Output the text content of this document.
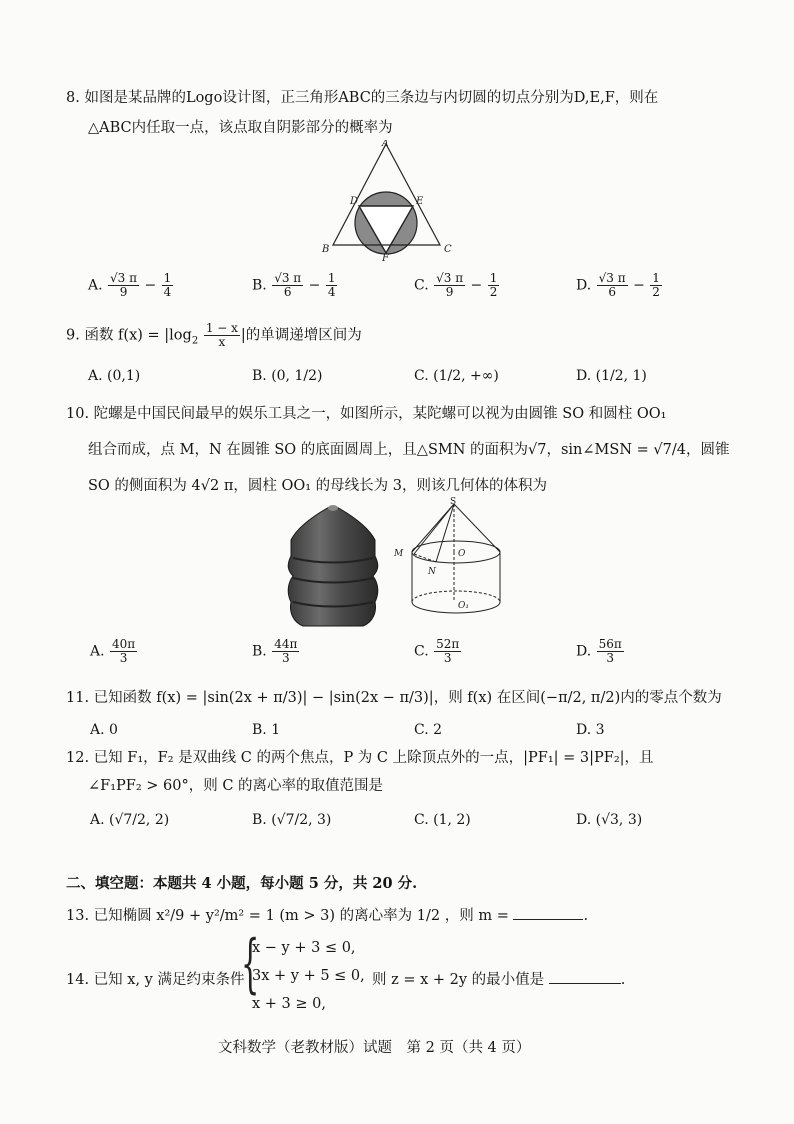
8. 如图是某品牌的Logo设计图，正三角形ABC的三条边与内切圆的切点分别为D,E,F，则在
△ABC内任取一点，该点取自阴影部分的概率为
A
B	C
D	E
F
A. $\frac{√3 \pi}{9} - \frac{1}{4}$	B. $\frac{√3 \pi}{6} - \frac{1}{4}$	C. $\frac{√3 \pi}{9} - \frac{1}{2}$	D. $\frac{√3 \pi}{6} - \frac{1}{2}$
9. 函数 $f(x) = |\log_2 \frac{1 - x}{x}$ |的单调递增区间为
A. (0,1)	B. (0, 1/2)	C. (1/2, +∞)	D. (1/2, 1)
10. 陀螺是中国民间最早的娱乐工具之一，如图所示，某陀螺可以视为由圆锥 SO 和圆柱 OO₁
组合而成，点 M，N 在圆锥 SO 的底面圆周上，且△SMN 的面积为√7，sin∠MSN = √7/4，圆锥
SO 的侧面积为 4√2 π，圆柱 OO₁ 的母线长为 3，则该几何体的体积为
S
M
N
O
O₁
A. $\frac{40\pi}{3}$	B. $\frac{44\pi}{3}$	C. $\frac{52\pi}{3}$	D. $\frac{56\pi}{3}$
11. 已知函数 f(x) = |sin(2x + π/3)| − |sin(2x − π/3)|，则 f(x) 在区间(−π/2, π/2)内的零点个数为
A. 0	B. 1	C. 2	D. 3
12. 已知 F₁，F₂ 是双曲线 C 的两个焦点，P 为 C 上除顶点外的一点，|PF₁| = 3|PF₂|，且
∠F₁PF₂ > 60°，则 C 的离心率的取值范围是
A. (√7/2, 2)	B. (√7/2, 3)	C. (1, 2)	D. (√3, 3)
二、填空题：本题共 4 小题，每小题 5 分，共 20 分.
13. 已知椭圆 x²/9 + y²/m² = 1 (m > 3) 的离心率为 1/2 ，则 m =	.
14. 已知 x, y 满足约束条件
{
x − y + 3 ≤ 0,
3x + y + 5 ≤ 0,
x + 3 ≥ 0,
则 z = x + 2y 的最小值是	.
文科数学（老教材版）试题　第 2 页（共 4 页）
